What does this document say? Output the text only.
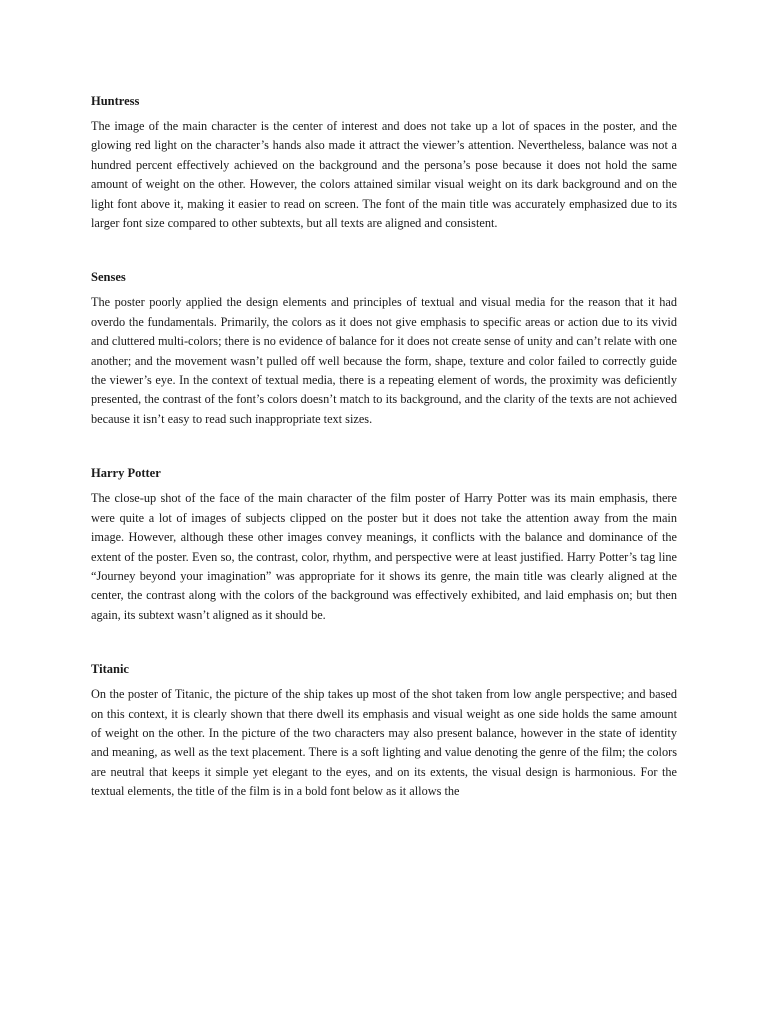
Huntress

The image of the main character is the center of interest and does not take up a lot of spaces in the poster, and the glowing red light on the character’s hands also made it attract the viewer’s attention. Nevertheless, balance was not a hundred percent effectively achieved on the background and the persona’s pose because it does not hold the same amount of weight on the other. However, the colors attained similar visual weight on its dark background and on the light font above it, making it easier to read on screen. The font of the main title was accurately emphasized due to its larger font size compared to other subtexts, but all texts are aligned and consistent.

Senses

The poster poorly applied the design elements and principles of textual and visual media for the reason that it had overdo the fundamentals. Primarily, the colors as it does not give emphasis to specific areas or action due to its vivid and cluttered multi-colors; there is no evidence of balance for it does not create sense of unity and can’t relate with one another; and the movement wasn’t pulled off well because the form, shape, texture and color failed to correctly guide the viewer’s eye. In the context of textual media, there is a repeating element of words, the proximity was deficiently presented, the contrast of the font’s colors doesn’t match to its background, and the clarity of the texts are not achieved because it isn’t easy to read such inappropriate text sizes.

Harry Potter

The close-up shot of the face of the main character of the film poster of Harry Potter was its main emphasis, there were quite a lot of images of subjects clipped on the poster but it does not take the attention away from the main image. However, although these other images convey meanings, it conflicts with the balance and dominance of the extent of the poster. Even so, the contrast, color, rhythm, and perspective were at least justified. Harry Potter’s tag line “Journey beyond your imagination” was appropriate for it shows its genre, the main title was clearly aligned at the center, the contrast along with the colors of the background was effectively exhibited, and laid emphasis on; but then again, its subtext wasn’t aligned as it should be.

Titanic

On the poster of Titanic, the picture of the ship takes up most of the shot taken from low angle perspective; and based on this context, it is clearly shown that there dwell its emphasis and visual weight as one side holds the same amount of weight on the other. In the picture of the two characters may also present balance, however in the state of identity and meaning, as well as the text placement. There is a soft lighting and value denoting the genre of the film; the colors are neutral that keeps it simple yet elegant to the eyes, and on its extents, the visual design is harmonious. For the textual elements, the title of the film is in a bold font below as it allows the
